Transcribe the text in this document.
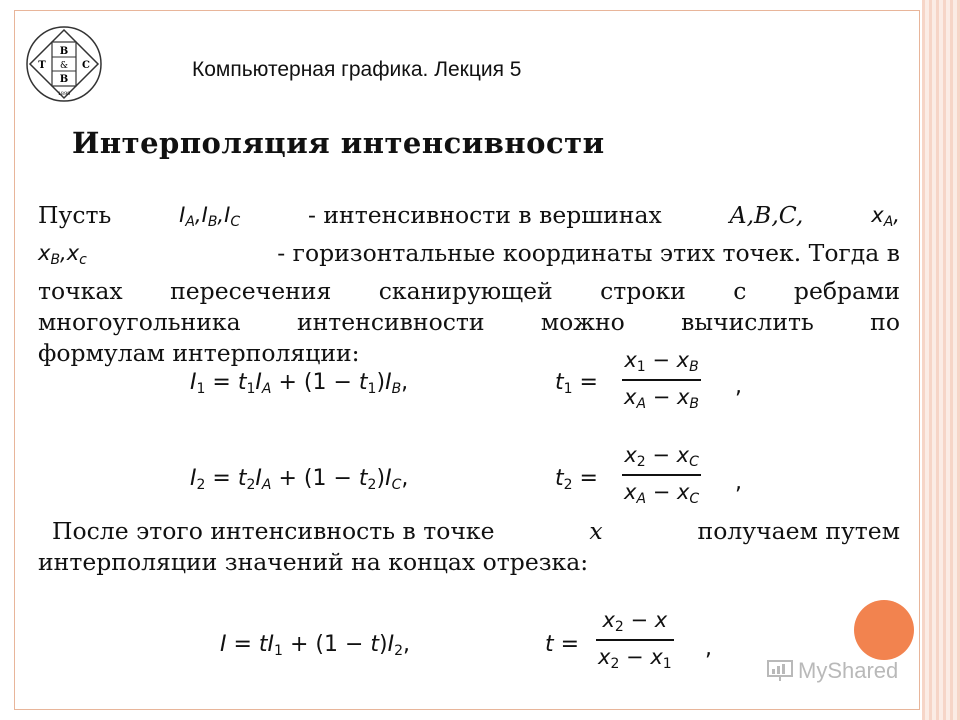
B
&
B
T	C
1898
Компьютерная графика. Лекция 5
Интерполяция интенсивности
Пусть	$I_A,I_B,I_C$	- интенсивности в вершинах	A,B,C,	$x_A$,
$x_B,x_c$	- горизонтальные координаты этих точек. Тогда в
точках пересечения сканирующей строки с ребрами
многоугольника интенсивности можно вычислить по
формулам интерполяции:
$I_1 = t_1I_A + (1 - t_1)I_B$,	$t_1$ =
$x_1 - x_B$
$x_A - x_B$
,
$I_2 = t_2I_A + (1 - t_2)I_C$,	$t_2$ =
$x_2 - x_C$
$x_A - x_C$
,
После этого интенсивность в точке	x	получаем путем
интерполяции значений на концах отрезка:
$I = tI_1 + (1 - t)I_2$,	t =
$x_2 - x$
$x_2 - x_1$
,
MyShared
